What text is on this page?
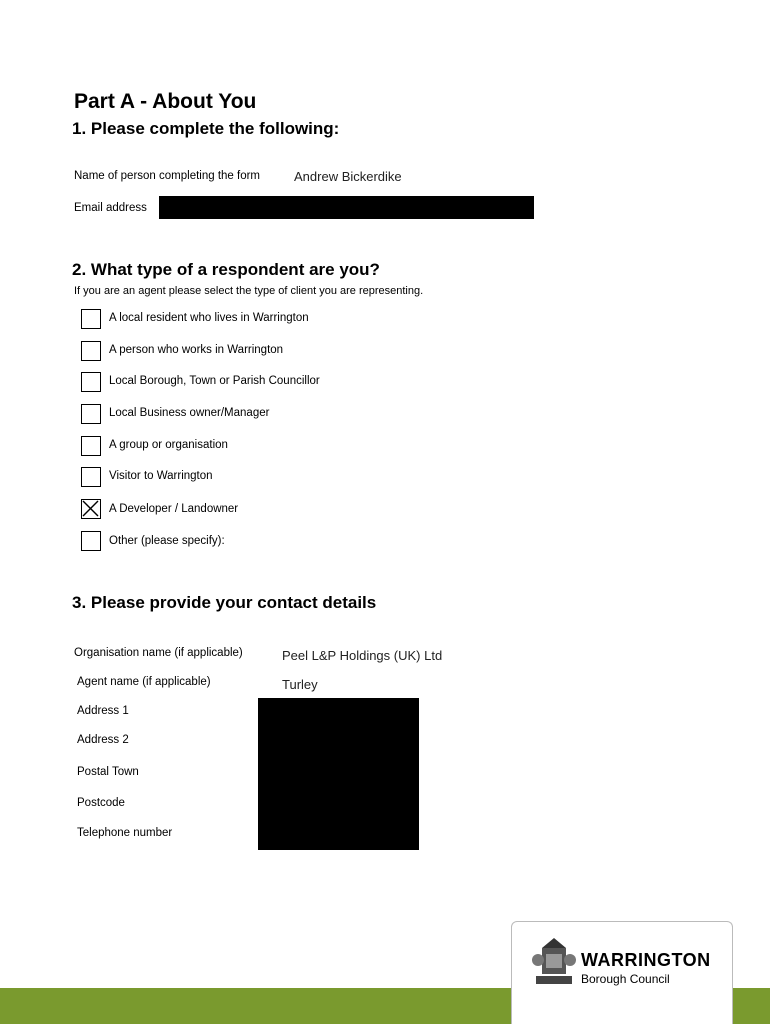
Part A - About You
1. Please complete the following:
Name of person completing the form	Andrew Bickerdike
Email address
2. What type of a respondent are you?
If you are an agent please select the type of client you are representing.
A local resident who lives in Warrington
A person who works in Warrington
Local Borough, Town or Parish Councillor
Local Business owner/Manager
A group or organisation
Visitor to Warrington
A Developer / Landowner
Other (please specify):
3. Please provide your contact details
Organisation name (if applicable)	Peel L&P Holdings (UK) Ltd
Agent name (if applicable)	Turley
Address 1
Address 2
Postal Town
Postcode
Telephone number
WARRINGTON
Borough Council
